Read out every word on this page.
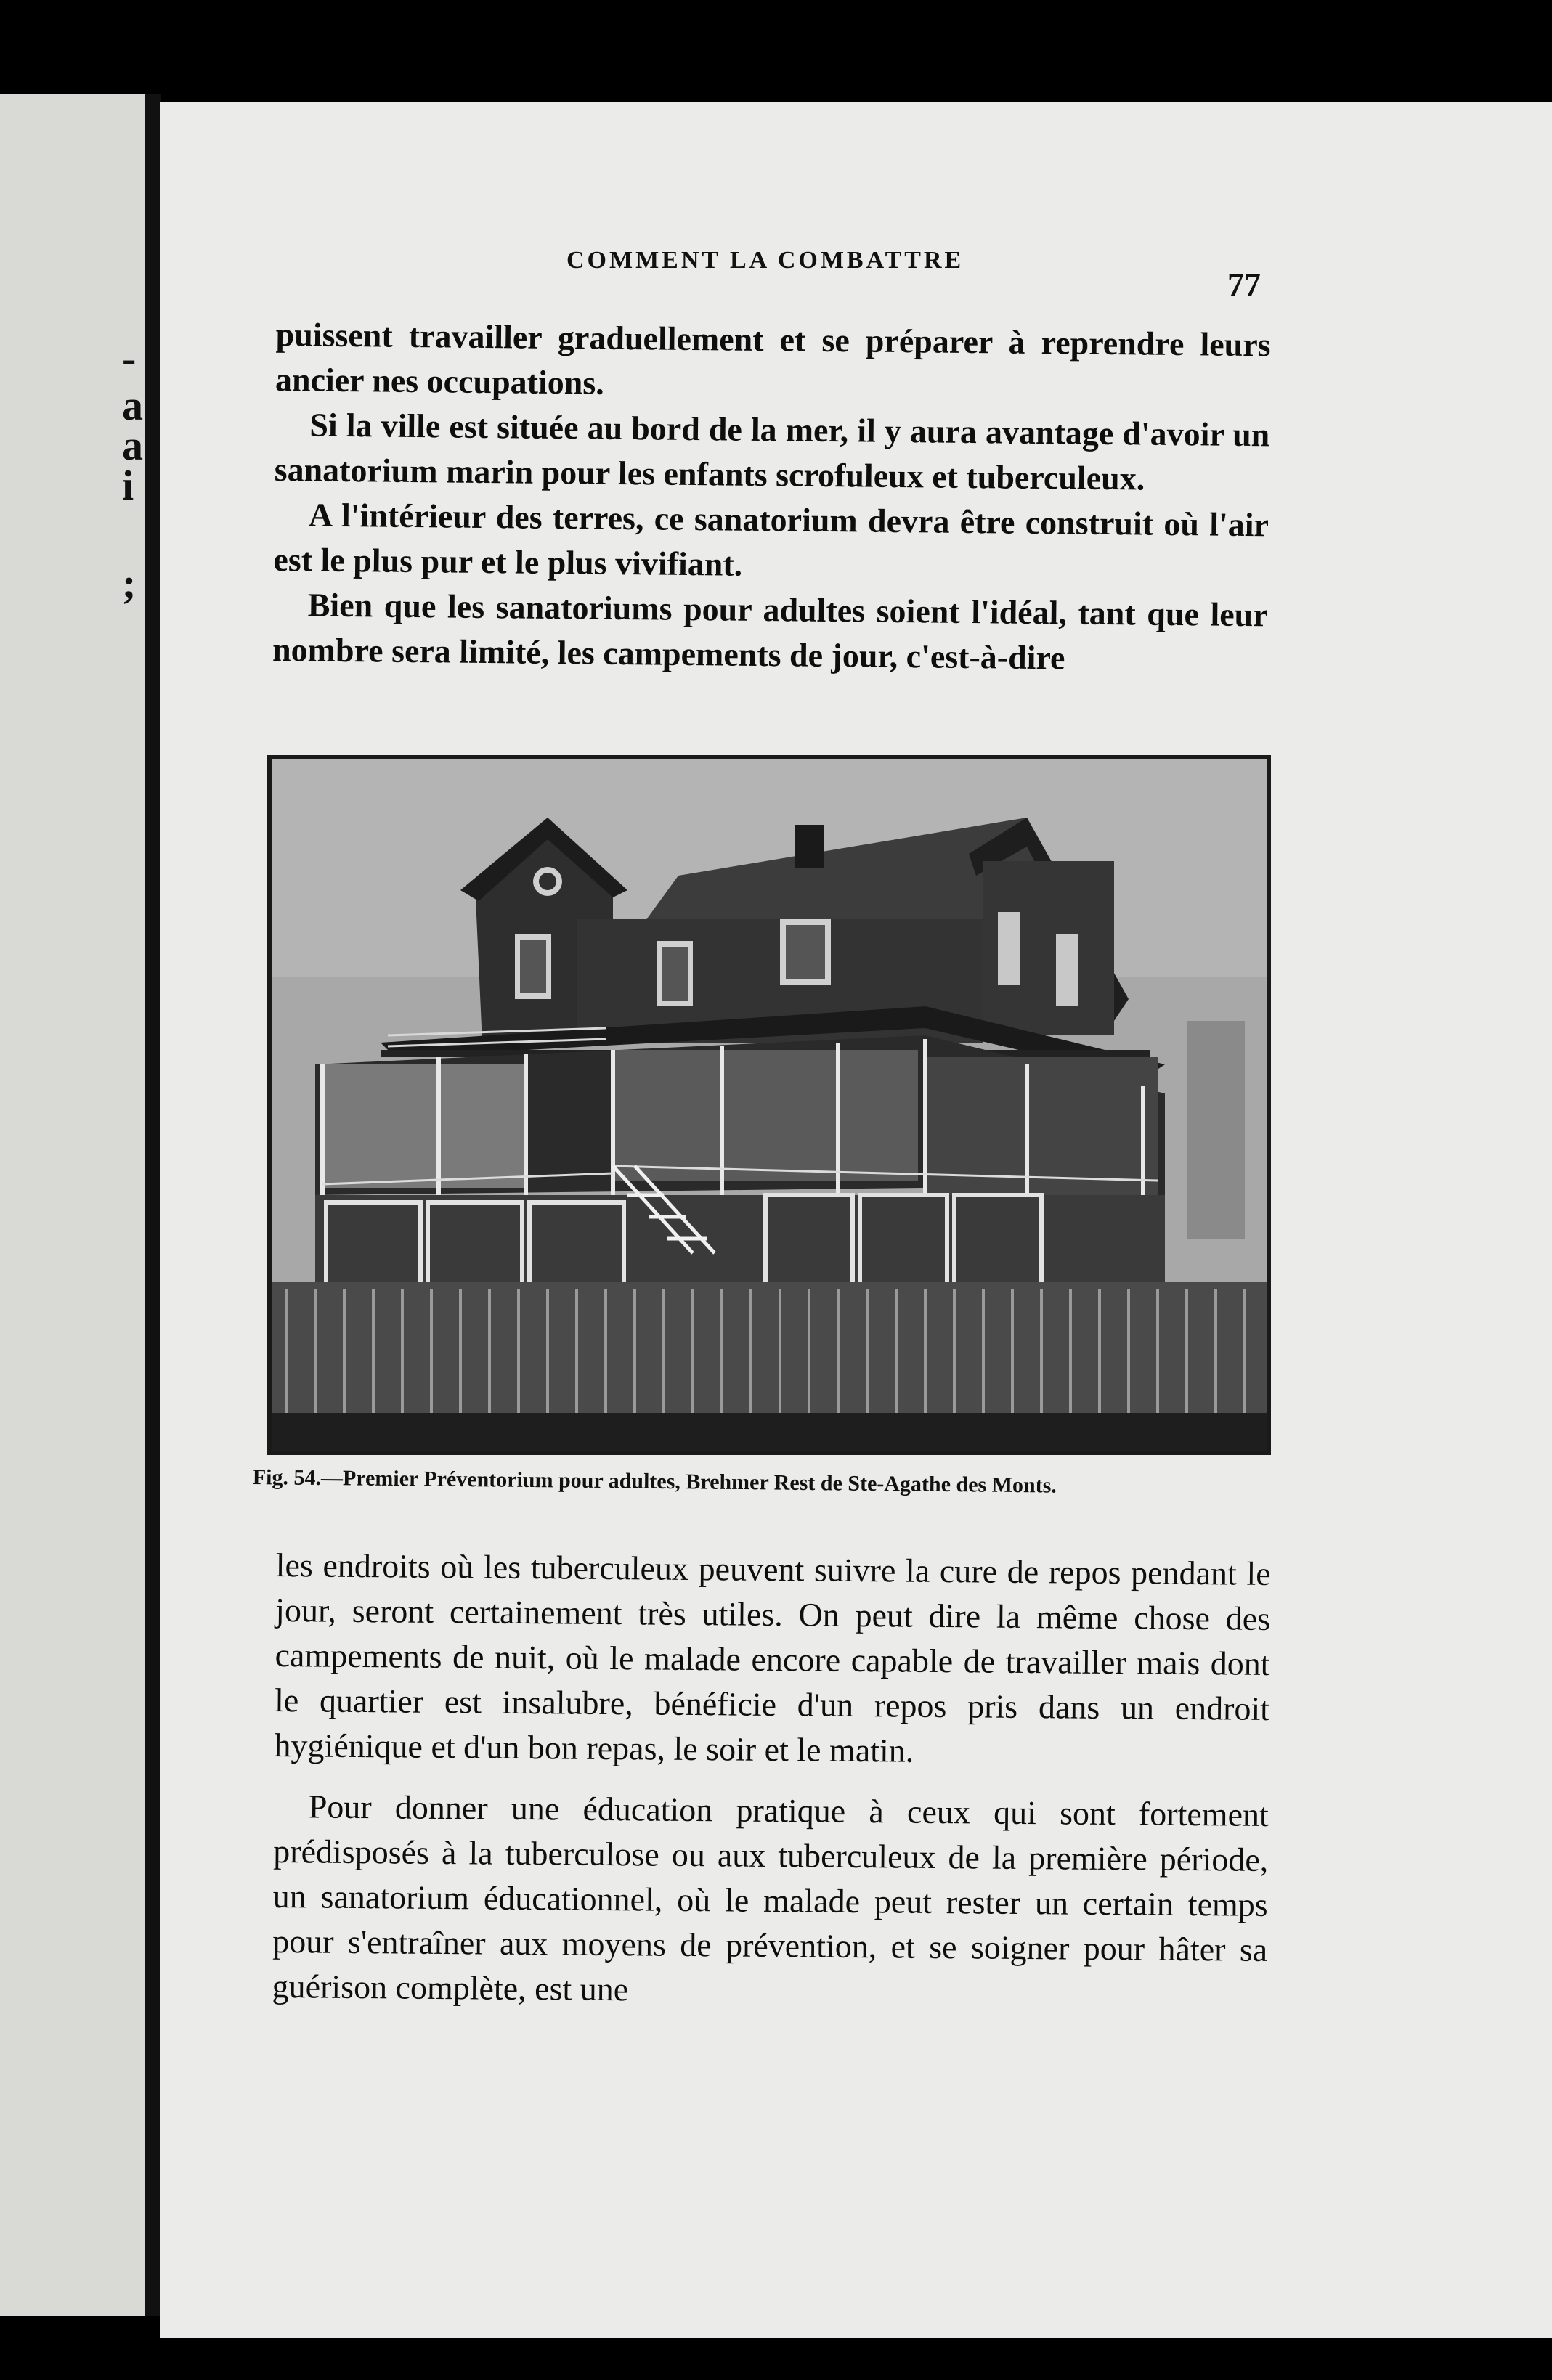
-
a
a
i
;
COMMENT LA COMBATTRE
77

puissent travailler graduellement et se préparer à reprendre leurs ancier nes occupations.

Si la ville est située au bord de la mer, il y aura avantage d'avoir un sanatorium marin pour les enfants scrofuleux et tuberculeux.

A l'intérieur des terres, ce sanatorium devra être construit où l'air est le plus pur et le plus vivifiant.

Bien que les sanatoriums pour adultes soient l'idéal, tant que leur nombre sera limité, les campements de jour, c'est-à-dire

Fig. 54.—Premier Préventorium pour adultes, Brehmer Rest de Ste-Agathe des Monts.

les endroits où les tuberculeux peuvent suivre la cure de repos pendant le jour, seront certainement très utiles. On peut dire la même chose des campements de nuit, où le malade encore capable de travailler mais dont le quartier est insalubre, bénéficie d'un repos pris dans un endroit hygiénique et d'un bon repas, le soir et le matin.

Pour donner une éducation pratique à ceux qui sont fortement prédisposés à la tuberculose ou aux tuberculeux de la première période, un sanatorium éducationnel, où le malade peut rester un certain temps pour s'entraîner aux moyens de prévention, et se soigner pour hâter sa guérison complète, est une
